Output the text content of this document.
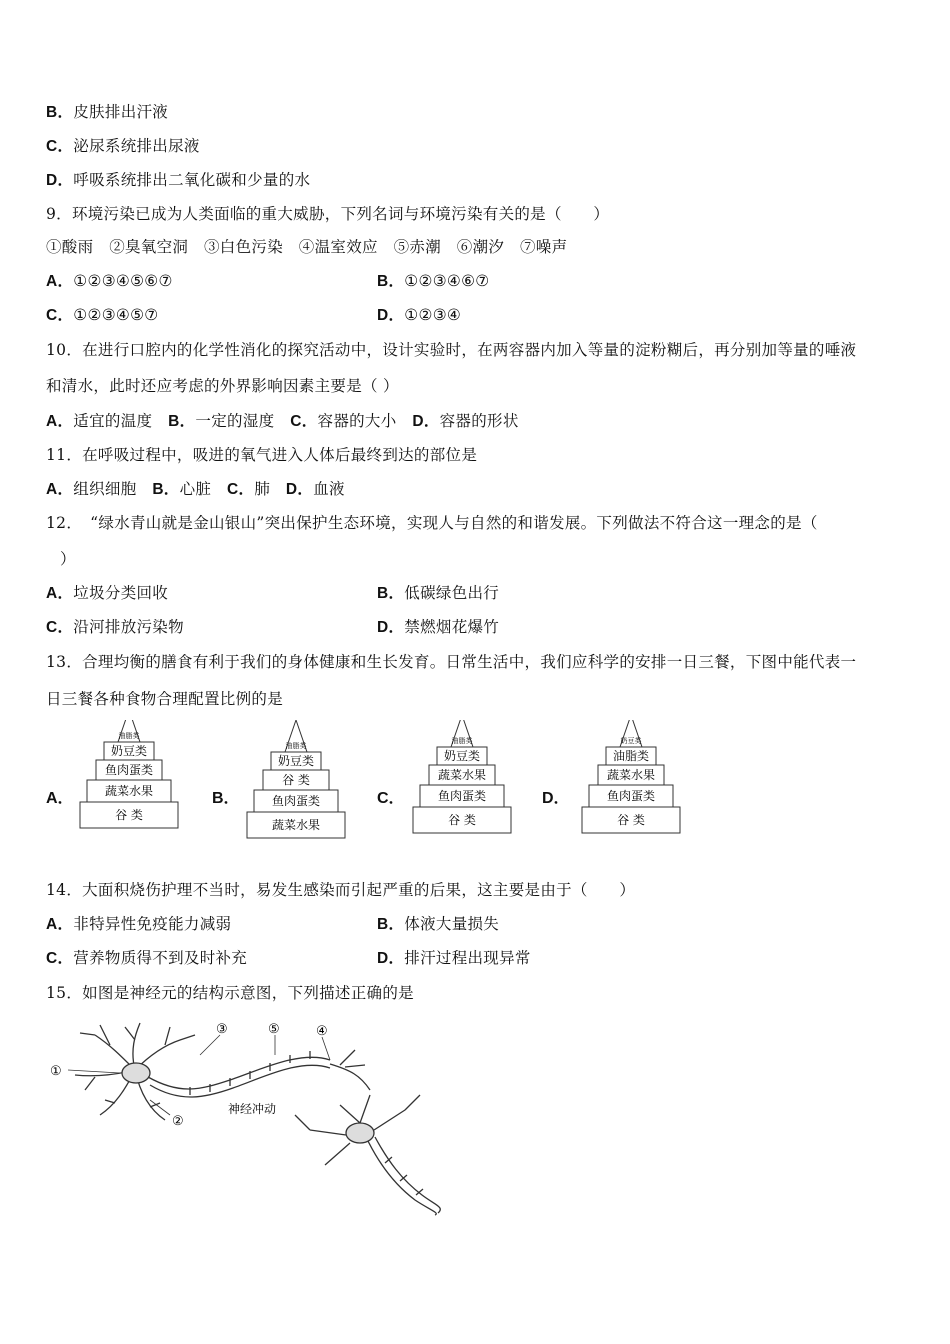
B．皮肤排出汗液
C．泌尿系统排出尿液
D．呼吸系统排出二氧化碳和少量的水
9．环境污染已成为人类面临的重大威胁，下列名词与环境污染有关的是（　　）
①酸雨　②臭氧空洞　③白色污染　④温室效应　⑤赤潮　⑥潮汐　⑦噪声
A．①②③④⑤⑥⑦	B．①②③④⑥⑦
C．①②③④⑤⑦	D．①②③④
10．在进行口腔内的化学性消化的探究活动中，设计实验时，在两容器内加入等量的淀粉糊后，再分别加等量的唾液
和清水，此时还应考虑的外界影响因素主要是（ ）
A．适宜的温度　B．一定的湿度　C．容器的大小　D．容器的形状
11．在呼吸过程中，吸进的氧气进入人体后最终到达的部位是
A．组织细胞　B．心脏　C．肺　D．血液
12．　“绿水青山就是金山银山”突出保护生态环境，实现人与自然的和谐发展。下列做法不符合这一理念的是（
）
A．垃圾分类回收	B．低碳绿色出行
C．沿河排放污染物	D．禁燃烟花爆竹
13．合理均衡的膳食有利于我们的身体健康和生长发育。日常生活中，我们应科学的安排一日三餐，下图中能代表一
日三餐各种食物合理配置比例的是
A．	B．	C．	D．
油脂类
奶豆类
鱼肉蛋类
蔬菜水果
谷 类
油脂类
奶豆类
谷 类
鱼肉蛋类
蔬菜水果
油脂类
奶豆类
蔬菜水果
鱼肉蛋类
谷 类
奶豆类
油脂类
蔬菜水果
鱼肉蛋类
谷 类
14．大面积烧伤护理不当时，易发生感染而引起严重的后果，这主要是由于（　　）
A．非特异性免疫能力减弱	B．体液大量损失
C．营养物质得不到及时补充	D．排汗过程出现异常
15．如图是神经元的结构示意图，下列描述正确的是
①
②
③	④
⑤
神经冲动
